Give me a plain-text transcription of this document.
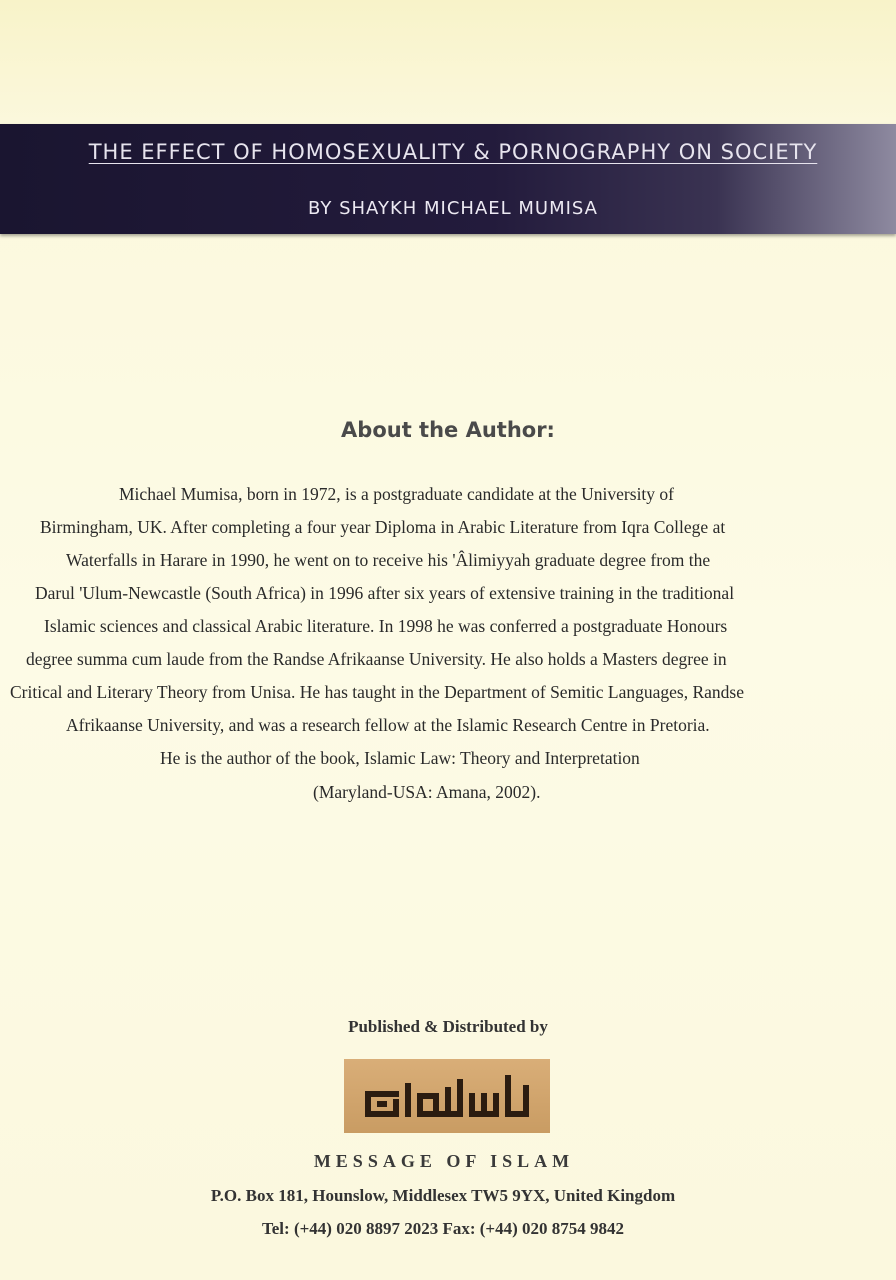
THE EFFECT OF HOMOSEXUALITY & PORNOGRAPHY ON SOCIETY
BY SHAYKH MICHAEL MUMISA
About the Author:
Michael Mumisa, born in 1972, is a postgraduate candidate at the University of
Birmingham, UK. After completing a four year Diploma in Arabic Literature from Iqra College at
Waterfalls in Harare in 1990, he went on to receive his 'Âlimiyyah graduate degree from the
Darul 'Ulum-Newcastle (South Africa) in 1996 after six years of extensive training in the traditional
Islamic sciences and classical Arabic literature. In 1998 he was conferred a postgraduate Honours
degree summa cum laude from the Randse Afrikaanse University. He also holds a Masters degree in
Critical and Literary Theory from Unisa. He has taught in the Department of Semitic Languages, Randse
Afrikaanse University, and was a research fellow at the Islamic Research Centre in Pretoria.
He is the author of the book, Islamic Law: Theory and Interpretation
(Maryland-USA: Amana, 2002).
Published & Distributed by
MESSAGE OF ISLAM
P.O. Box 181, Hounslow, Middlesex TW5 9YX, United Kingdom
Tel: (+44) 020 8897 2023 Fax: (+44) 020 8754 9842
